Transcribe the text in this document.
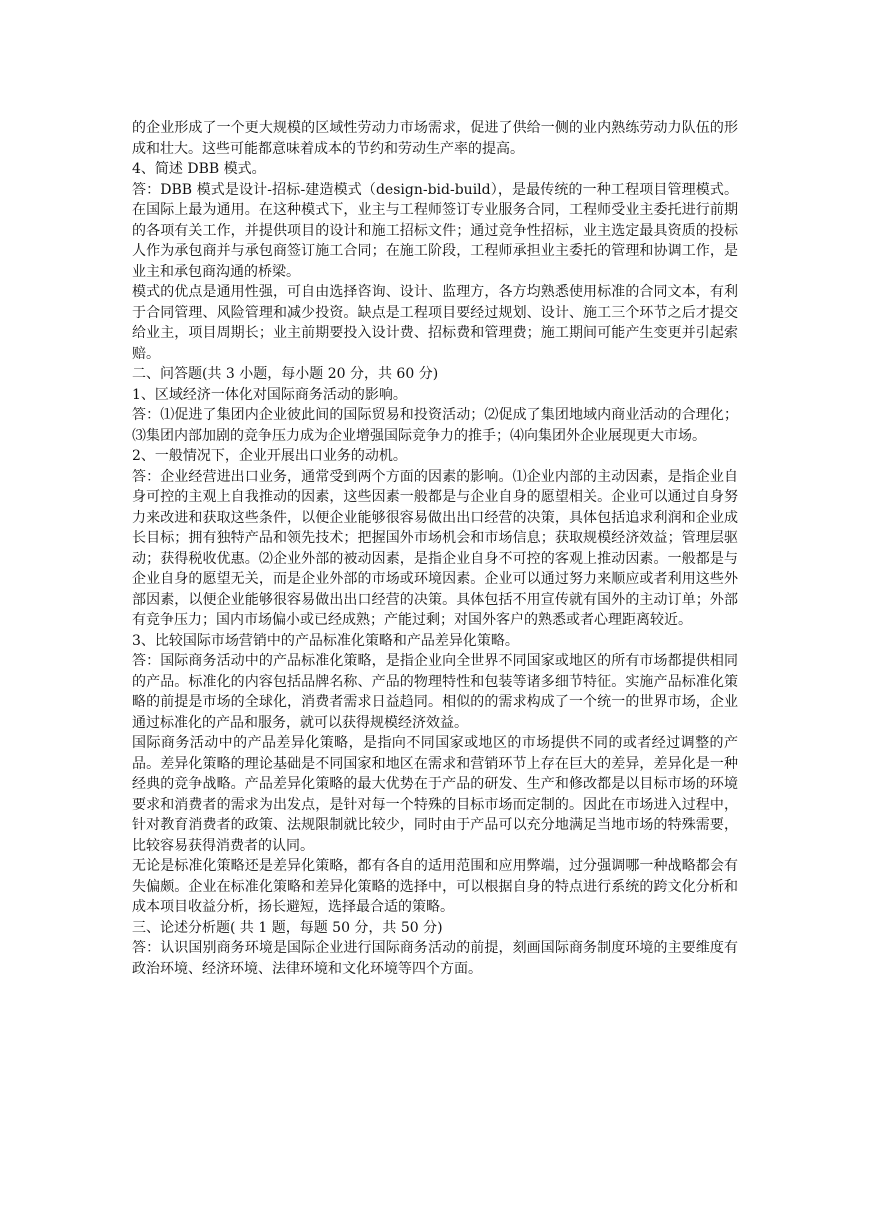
的企业形成了一个更大规模的区域性劳动力市场需求，促进了供给一侧的业内熟练劳动力队伍的形成和壮大。这些可能都意味着成本的节约和劳动生产率的提高。

4、简述 DBB 模式。

答：DBB 模式是设计-招标-建造模式（design-bid-build），是最传统的一种工程项目管理模式。在国际上最为通用。在这种模式下，业主与工程师签订专业服务合同，工程师受业主委托进行前期的各项有关工作，并提供项目的设计和施工招标文件；通过竞争性招标，业主选定最具资质的投标人作为承包商并与承包商签订施工合同；在施工阶段，工程师承担业主委托的管理和协调工作，是业主和承包商沟通的桥梁。

模式的优点是通用性强，可自由选择咨询、设计、监理方，各方均熟悉使用标准的合同文本，有利于合同管理、风险管理和减少投资。缺点是工程项目要经过规划、设计、施工三个环节之后才提交给业主，项目周期长；业主前期要投入设计费、招标费和管理费；施工期间可能产生变更并引起索赔。

二、问答题(共 3 小题，每小题 20 分，共 60 分)

1、区域经济一体化对国际商务活动的影响。

答：⑴促进了集团内企业彼此间的国际贸易和投资活动；⑵促成了集团地域内商业活动的合理化；⑶集团内部加剧的竞争压力成为企业增强国际竞争力的推手；⑷向集团外企业展现更大市场。

2、一般情况下，企业开展出口业务的动机。

答：企业经营进出口业务，通常受到两个方面的因素的影响。⑴企业内部的主动因素，是指企业自身可控的主观上自我推动的因素，这些因素一般都是与企业自身的愿望相关。企业可以通过自身努力来改进和获取这些条件，以便企业能够很容易做出出口经营的决策，具体包括追求利润和企业成长目标；拥有独特产品和领先技术；把握国外市场机会和市场信息；获取规模经济效益；管理层驱动；获得税收优惠。⑵企业外部的被动因素，是指企业自身不可控的客观上推动因素。一般都是与企业自身的愿望无关，而是企业外部的市场或环境因素。企业可以通过努力来顺应或者利用这些外部因素，以便企业能够很容易做出出口经营的决策。具体包括不用宣传就有国外的主动订单；外部有竞争压力；国内市场偏小或已经成熟；产能过剩；对国外客户的熟悉或者心理距离较近。

3、比较国际市场营销中的产品标准化策略和产品差异化策略。

答：国际商务活动中的产品标准化策略，是指企业向全世界不同国家或地区的所有市场都提供相同的产品。标准化的内容包括品牌名称、产品的物理特性和包装等诸多细节特征。实施产品标准化策略的前提是市场的全球化，消费者需求日益趋同。相似的的需求构成了一个统一的世界市场，企业通过标准化的产品和服务，就可以获得规模经济效益。

国际商务活动中的产品差异化策略，是指向不同国家或地区的市场提供不同的或者经过调整的产品。差异化策略的理论基础是不同国家和地区在需求和营销环节上存在巨大的差异，差异化是一种经典的竞争战略。产品差异化策略的最大优势在于产品的研发、生产和修改都是以目标市场的环境要求和消费者的需求为出发点，是针对每一个特殊的目标市场而定制的。因此在市场进入过程中，针对教育消费者的政策、法规限制就比较少，同时由于产品可以充分地满足当地市场的特殊需要，比较容易获得消费者的认同。

无论是标准化策略还是差异化策略，都有各自的适用范围和应用弊端，过分强调哪一种战略都会有失偏颇。企业在标准化策略和差异化策略的选择中，可以根据自身的特点进行系统的跨文化分析和成本项目收益分析，扬长避短，选择最合适的策略。

三、论述分析题( 共 1 题，每题 50 分，共 50 分)

答：认识国别商务环境是国际企业进行国际商务活动的前提，刻画国际商务制度环境的主要维度有政治环境、经济环境、法律环境和文化环境等四个方面。
